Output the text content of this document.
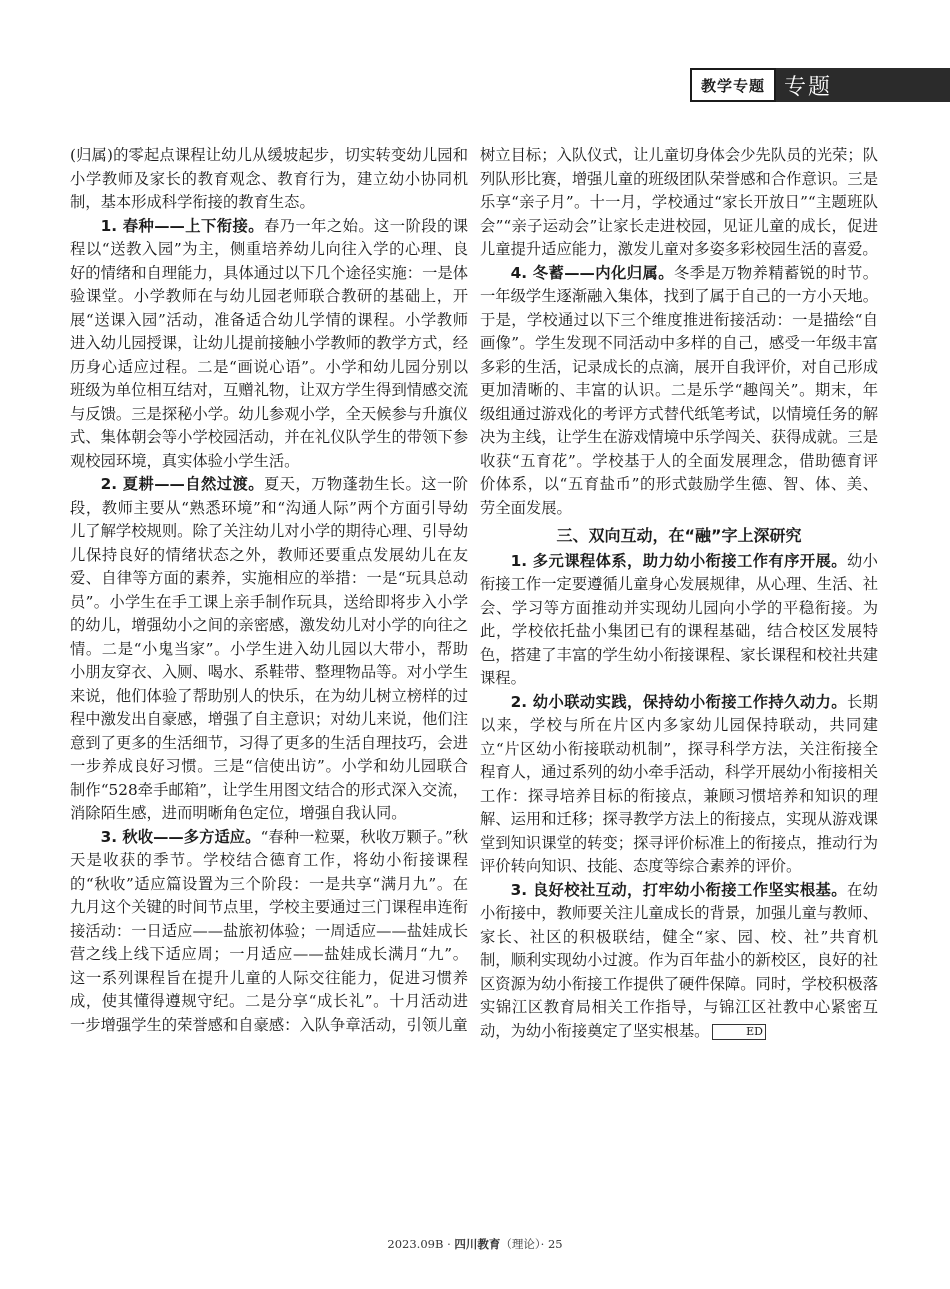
教学专题 专题

(归属)的零起点课程让幼儿从缓坡起步，切实转变幼儿园和小学教师及家长的教育观念、教育行为，建立幼小协同机制，基本形成科学衔接的教育生态。

1. 春种——上下衔接。春乃一年之始。这一阶段的课程以“送教入园”为主，侧重培养幼儿向往入学的心理、良好的情绪和自理能力，具体通过以下几个途径实施：一是体验课堂。小学教师在与幼儿园老师联合教研的基础上，开展“送课入园”活动，准备适合幼儿学情的课程。小学教师进入幼儿园授课，让幼儿提前接触小学教师的教学方式，经历身心适应过程。二是“画说心语”。小学和幼儿园分别以班级为单位相互结对，互赠礼物，让双方学生得到情感交流与反馈。三是探秘小学。幼儿参观小学，全天候参与升旗仪式、集体朝会等小学校园活动，并在礼仪队学生的带领下参观校园环境，真实体验小学生活。

2. 夏耕——自然过渡。夏天，万物蓬勃生长。这一阶段，教师主要从“熟悉环境”和“沟通人际”两个方面引导幼儿了解学校规则。除了关注幼儿对小学的期待心理、引导幼儿保持良好的情绪状态之外，教师还要重点发展幼儿在友爱、自律等方面的素养，实施相应的举措：一是“玩具总动员”。小学生在手工课上亲手制作玩具，送给即将步入小学的幼儿，增强幼小之间的亲密感，激发幼儿对小学的向往之情。二是“小鬼当家”。小学生进入幼儿园以大带小，帮助小朋友穿衣、入厕、喝水、系鞋带、整理物品等。对小学生来说，他们体验了帮助别人的快乐，在为幼儿树立榜样的过程中激发出自豪感，增强了自主意识；对幼儿来说，他们注意到了更多的生活细节，习得了更多的生活自理技巧，会进一步养成良好习惯。三是“信使出访”。小学和幼儿园联合制作“528牵手邮箱”，让学生用图文结合的形式深入交流，消除陌生感，进而明晰角色定位，增强自我认同。

3. 秋收——多方适应。“春种一粒粟，秋收万颗子。”秋天是收获的季节。学校结合德育工作，将幼小衔接课程的“秋收”适应篇设置为三个阶段：一是共享“满月九”。在九月这个关键的时间节点里，学校主要通过三门课程串连衔接活动：一日适应——盐旅初体验；一周适应——盐娃成长营之线上线下适应周；一月适应——盐娃成长满月“九”。这一系列课程旨在提升儿童的人际交往能力，促进习惯养成，使其懂得遵规守纪。二是分享“成长礼”。十月活动进一步增强学生的荣誉感和自豪感：入队争章活动，引领儿童

树立目标；入队仪式，让儿童切身体会少先队员的光荣；队列队形比赛，增强儿童的班级团队荣誉感和合作意识。三是乐享“亲子月”。十一月，学校通过“家长开放日”“主题班队会”“亲子运动会”让家长走进校园，见证儿童的成长，促进儿童提升适应能力，激发儿童对多姿多彩校园生活的喜爱。

4. 冬蓄——内化归属。冬季是万物养精蓄锐的时节。一年级学生逐渐融入集体，找到了属于自己的一方小天地。于是，学校通过以下三个维度推进衔接活动：一是描绘“自画像”。学生发现不同活动中多样的自己，感受一年级丰富多彩的生活，记录成长的点滴，展开自我评价，对自己形成更加清晰的、丰富的认识。二是乐学“趣闯关”。期末，年级组通过游戏化的考评方式替代纸笔考试，以情境任务的解决为主线，让学生在游戏情境中乐学闯关、获得成就。三是收获“五育花”。学校基于人的全面发展理念，借助德育评价体系，以“五育盐币”的形式鼓励学生德、智、体、美、劳全面发展。

三、双向互动，在“融”字上深研究

1. 多元课程体系，助力幼小衔接工作有序开展。幼小衔接工作一定要遵循儿童身心发展规律，从心理、生活、社会、学习等方面推动并实现幼儿园向小学的平稳衔接。为此，学校依托盐小集团已有的课程基础，结合校区发展特色，搭建了丰富的学生幼小衔接课程、家长课程和校社共建课程。

2. 幼小联动实践，保持幼小衔接工作持久动力。长期以来，学校与所在片区内多家幼儿园保持联动，共同建立“片区幼小衔接联动机制”，探寻科学方法，关注衔接全程育人，通过系列的幼小牵手活动，科学开展幼小衔接相关工作：探寻培养目标的衔接点，兼顾习惯培养和知识的理解、运用和迁移；探寻教学方法上的衔接点，实现从游戏课堂到知识课堂的转变；探寻评价标准上的衔接点，推动行为评价转向知识、技能、态度等综合素养的评价。

3. 良好校社互动，打牢幼小衔接工作坚实根基。在幼小衔接中，教师要关注儿童成长的背景，加强儿童与教师、家长、社区的积极联结，健全“家、园、校、社”共育机制，顺利实现幼小过渡。作为百年盐小的新校区，良好的社区资源为幼小衔接工作提供了硬件保障。同时，学校积极落实锦江区教育局相关工作指导，与锦江区社教中心紧密互动，为幼小衔接奠定了坚实根基。	ED

2023.09B · 四川教育（理论）· 25
